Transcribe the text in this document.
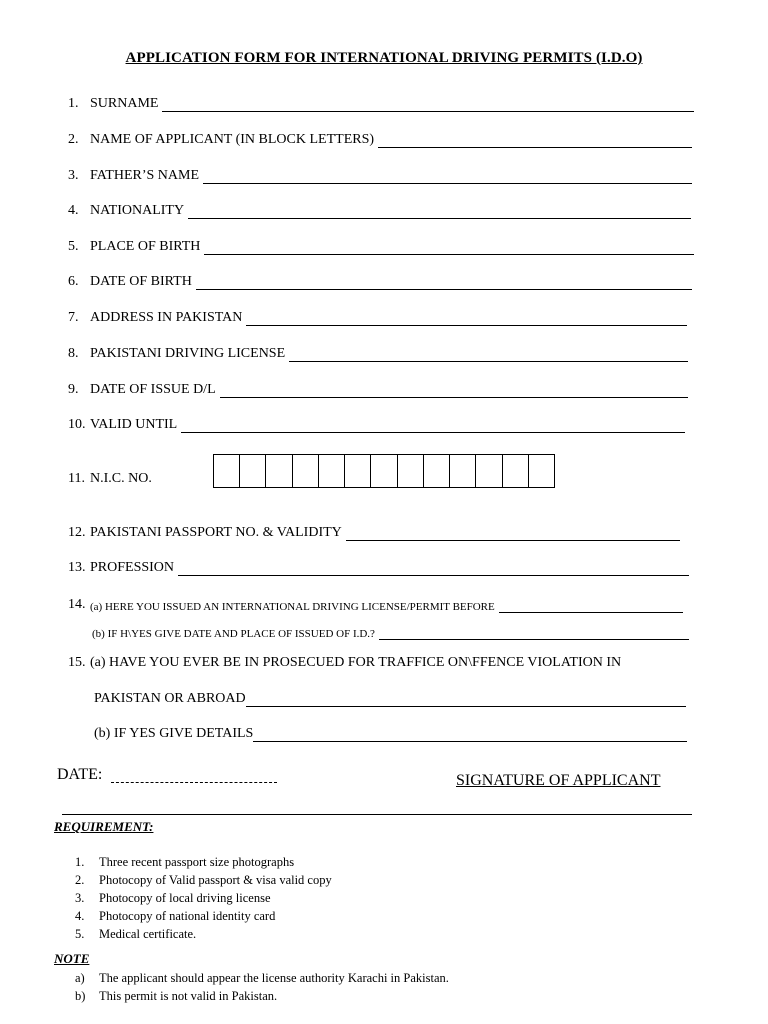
APPLICATION FORM FOR INTERNATIONAL DRIVING PERMITS (I.D.O)
1. SURNAME
2. NAME OF APPLICANT (IN BLOCK LETTERS)
3. FATHER’S NAME
4. NATIONALITY
5. PLACE OF BIRTH
6. DATE OF BIRTH
7. ADDRESS IN PAKISTAN
8. PAKISTANI DRIVING LICENSE
9. DATE OF ISSUE D/L
10. VALID UNTIL
11. N.I.C. NO.
12. PAKISTANI PASSPORT NO. & VALIDITY
13. PROFESSION
14. (a) HERE YOU ISSUED AN INTERNATIONAL DRIVING LICENSE/PERMIT BEFORE
(b) IF H\YES GIVE DATE AND PLACE OF ISSUED OF I.D.?
15. (a) HAVE YOU EVER BE IN PROSECUED FOR TRAFFICE ON\FFENCE VIOLATION IN
PAKISTAN OR ABROAD
(b) IF YES GIVE DETAILS
DATE:	SIGNATURE OF APPLICANT
REQUIREMENT:
1.	Three recent passport size photographs
2.	Photocopy of Valid passport & visa valid copy
3.	Photocopy of local driving license
4.	Photocopy of national identity card
5.	Medical certificate.
NOTE
a)	The applicant should appear the license authority Karachi in Pakistan.
b)	This permit is not valid in Pakistan.
